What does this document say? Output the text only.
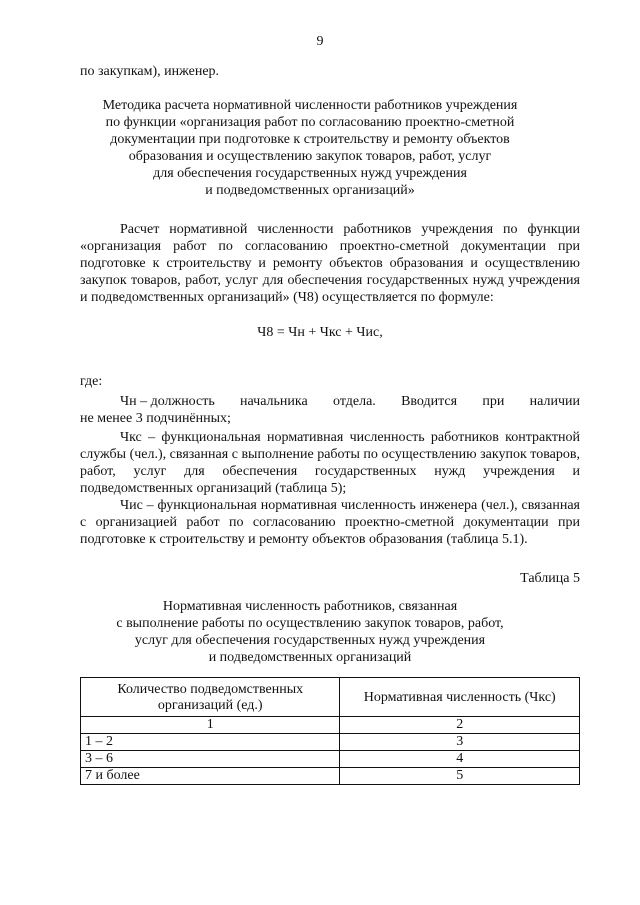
9
по закупкам), инженер.
Методика расчета нормативной численности работников учреждения
по функции «организация работ по согласованию проектно-сметной
документации при подготовке к строительству и ремонту объектов
образования и осуществлению закупок товаров, работ, услуг
для обеспечения государственных нужд учреждения
и подведомственных организаций»
Расчет нормативной численности работников учреждения по функции «организация работ по согласованию проектно-сметной документации при подготовке к строительству и ремонту объектов образования и осуществлению закупок товаров, работ, услуг для обеспечения государственных нужд учреждения и подведомственных организаций» (Ч8) осуществляется по формуле:
Ч8 = Чн + Чкс + Чис,
где:
Чн – должность начальника отдела. Вводится при наличии
не менее 3 подчинённых;
Чкс – функциональная нормативная численность работников контрактной службы (чел.), связанная с выполнение работы по осуществлению закупок товаров, работ, услуг для обеспечения государственных нужд учреждения и подведомственных организаций (таблица 5);
Чис – функциональная нормативная численность инженера (чел.), связанная с организацией работ по согласованию проектно-сметной документации при подготовке к строительству и ремонту объектов образования (таблица 5.1).
Таблица 5
Нормативная численность работников, связанная
с выполнение работы по осуществлению закупок товаров, работ,
услуг для обеспечения государственных нужд учреждения
и подведомственных организаций
Количество подведомственных организаций (ед.)	Нормативная численность (Чкс)
1	2
1 – 2	3
3 – 6	4
7 и более	5
